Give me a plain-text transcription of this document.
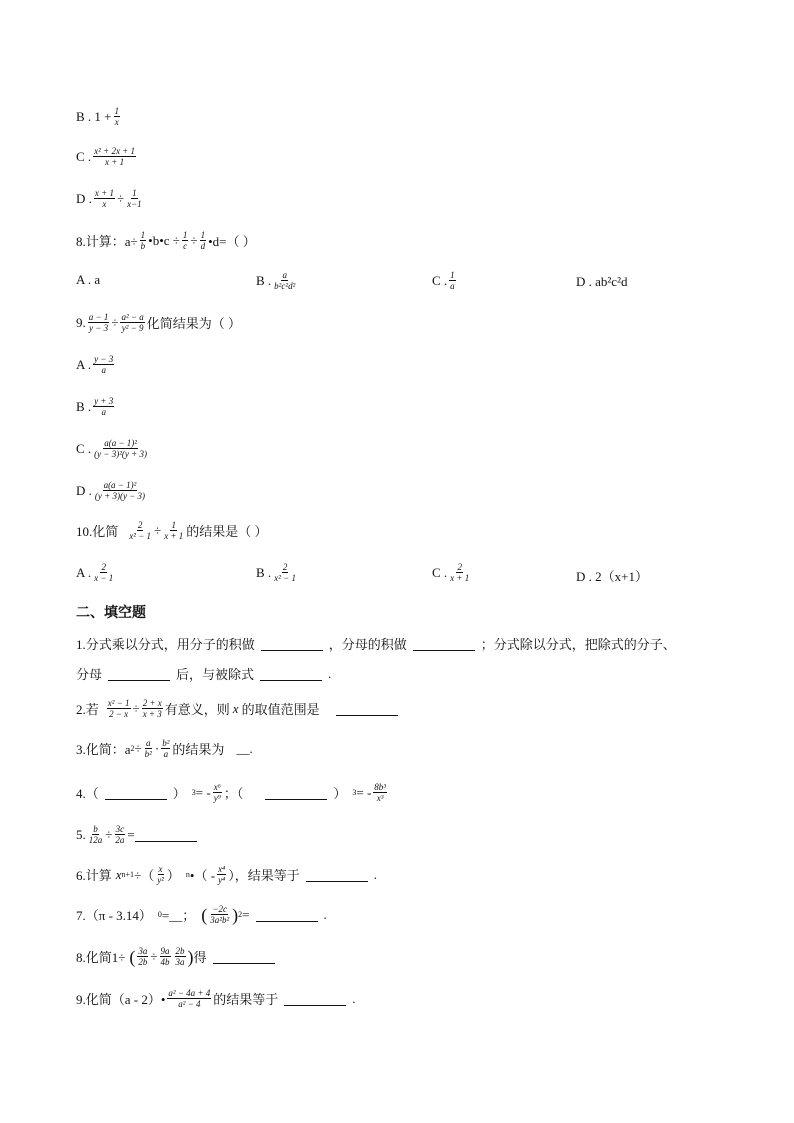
B . $1 + \frac{1}{x}$
C . $\frac{\text{x² + 2x + 1}}{x + 1}$
D . $\frac{x + 1}{x} \div \frac{1}{x-1}$
8.计算：$a\div \frac{1}{b}$ •b•c ÷ $\frac{1}{c} \div \frac{1}{d}$ •d=（ ）
A . a	B . $\frac{a}{\text{b²c²d²}}$	C . $\frac{1}{a}$	D . ab²c²d
9. $\frac{a - 1}{y - 3} \div \frac{\text{a² − a}}{\text{y² − 9}}$ 化简结果为（ ）
A . $\frac{y - 3}{a}$
B . $\frac{y + 3}{a}$
C . $\frac{\text{a(a − 1)²}}{\text{(y − 3)²(y + 3)}}$
D . $\frac{\text{a(a − 1)²}}{(y + 3)(y - 3)}$
10.化简 $\frac{2}{\text{x² − 1}} \div \frac{1}{x + 1}$ 的结果是（ ）
A . $\frac{2}{x - 1}$	B . $\frac{2}{\text{x² − 1}}$	C . $\frac{2}{x + 1}$	D . 2（x+1）
二、填空题
1.分式乘以分式，用分子的积做	，分母的积做	；分式除以分式，把除式的分子、
分母	后，与被除式	.
2.若 $\frac{\text{x² − 1}}{2 - x} \div \frac{2 + x}{x + 3}$ 有意义，则 x 的取值范围是
3.化简：a $2 \div \frac{a}{\text{b²}} \cdot \frac{\text{b²}}{a}$ 的结果为 __.
4.（	） 3 = - $\frac{\text{x⁶}}{\text{y⁹}}$ ；（	） 3 = - $\frac{\text{8b³}}{\text{x³}}$
5. $\frac{b}{12a} \div \frac{3c}{2a}$ =
6.计算 x n+1 ÷（ $\frac{x}{\text{y²}}$ ） n •（ - $\frac{\text{x⁴}}{\text{y⁴}}$ ），结果等于	.
7.（π - 3.14） 0 =__； ( $\frac{-2c}{\text{3a²b²}}$ ) 2 =	.
8.化简1÷ ( $\frac{3a}{2b} \div \frac{9a}{4b} \frac{2b}{3a}$ ) 得
9.化简（a - 2）• $\frac{\text{a² − 4a + 4}}{\text{a² − 4}}$ 的结果等于	.
